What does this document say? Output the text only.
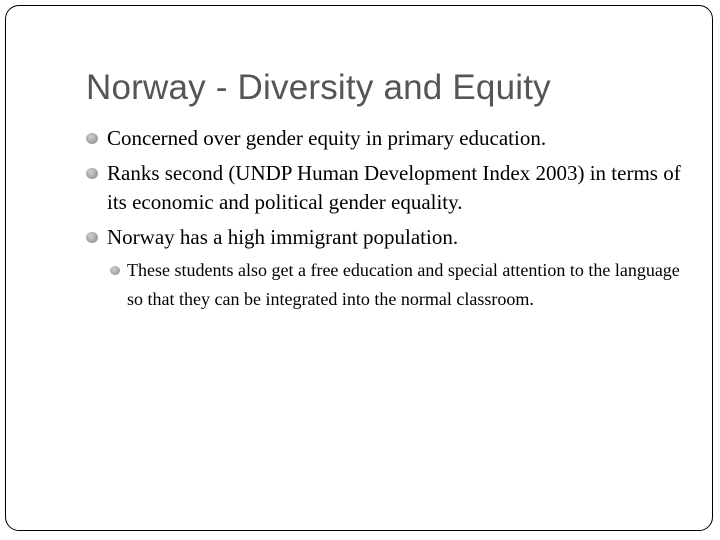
Norway - Diversity and Equity
Concerned over gender equity in primary education.
Ranks second (UNDP Human Development Index 2003) in terms of its economic and political gender equality.
Norway has a high immigrant population.
These students also get a free education and special attention to the language so that they can be integrated into the normal classroom.
